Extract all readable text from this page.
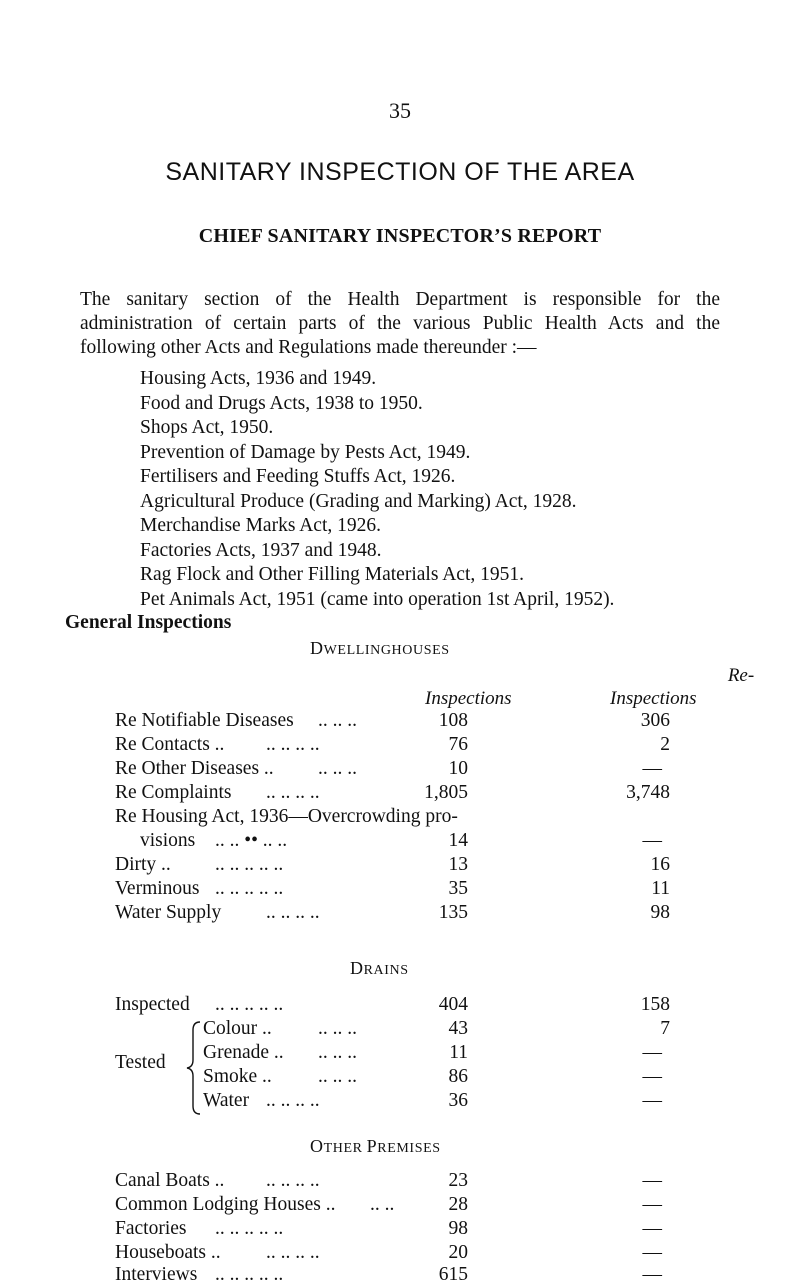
35
SANITARY INSPECTION OF THE AREA
CHIEF SANITARY INSPECTOR’S REPORT
The sanitary section of the Health Department is responsible for the administration of certain parts of the various Public Health Acts and the following other Acts and Regulations made thereunder :—
Housing Acts, 1936 and 1949.
Food and Drugs Acts, 1938 to 1950.
Shops Act, 1950.
Prevention of Damage by Pests Act, 1949.
Fertilisers and Feeding Stuffs Act, 1926.
Agricultural Produce (Grading and Marking) Act, 1928.
Merchandise Marks Act, 1926.
Factories Acts, 1937 and 1948.
Rag Flock and Other Filling Materials Act, 1951.
Pet Animals Act, 1951 (came into operation 1st April, 1952).
General Inspections
DWELLINGHOUSES
Re-
Inspections	Inspections
Re Notifiable Diseases .. .. ..	108	306
Re Contacts .. .. .. .. ..	76	2
Re Other Diseases .. .. .. ..	10	—
Re Complaints .. .. .. ..	1,805	3,748
Re Housing Act, 1936—Overcrowding pro-
visions .. .. •• .. ..	14	—
Dirty .. .. .. .. .. ..	13	16
Verminous .. .. .. .. ..	35	11
Water Supply .. .. .. ..	135	98
DRAINS
Inspected .. .. .. .. ..	404	158
Colour .. .. .. ..	43	7
Grenade .. .. .. ..	11	—
Smoke .. .. .. ..	86	—
Water .. .. .. ..	36	—
Tested
OTHER PREMISES
Canal Boats .. .. .. .. ..	23	—
Common Lodging Houses .. .. ..	28	—
Factories .. .. .. .. ..	98	—
Houseboats .. .. .. .. ..	20	—
Interviews .. .. .. .. ..	615	—
